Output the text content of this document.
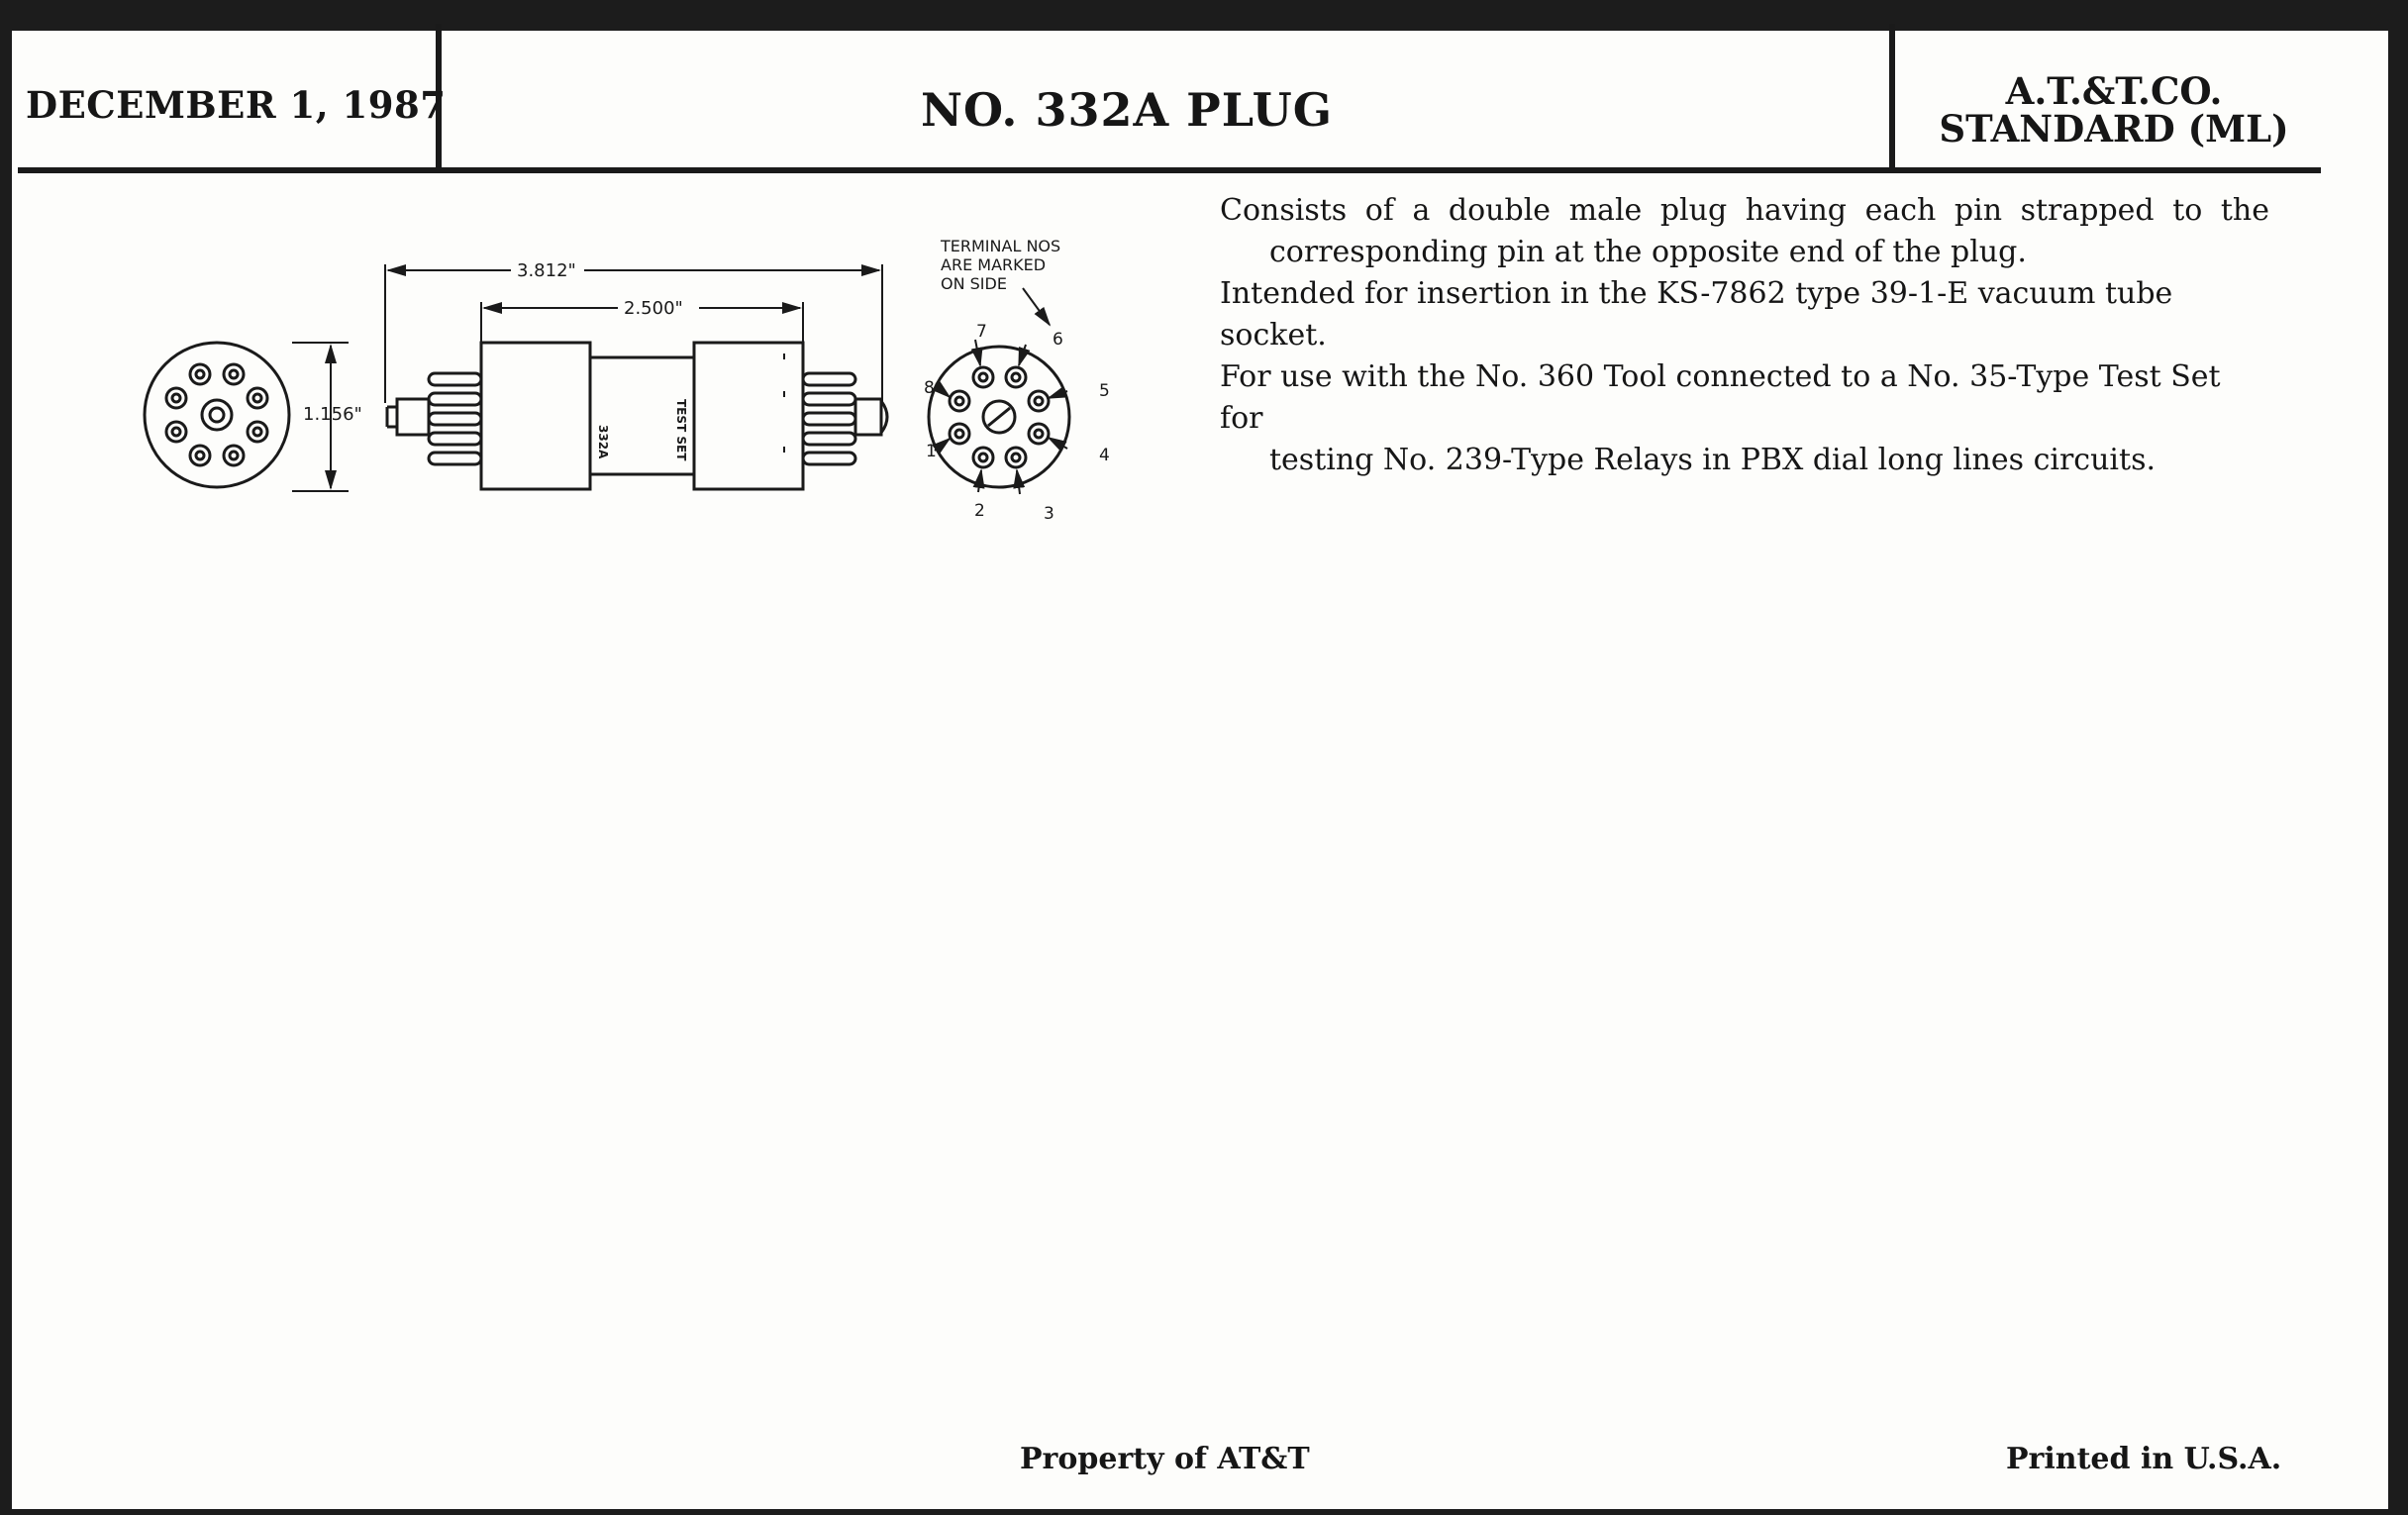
DECEMBER 1, 1987	NO. 332A PLUG	A.T.&T.CO.
STANDARD (ML)

Consists of a double male plug having each pin strapped to the

corresponding pin at the opposite end of the plug.

Intended for insertion in the KS-7862 type 39-1-E vacuum tube socket.

For use with the No. 360 Tool connected to a No. 35-Type Test Set for

testing No. 239-Type Relays in PBX dial long lines circuits.

1.156"
332A	TEST SET
3.812"
2.500"
TERMINAL NOS
ARE MARKED
ON SIDE
1
2	3
4
5
6
7
8
Property of AT&T	Printed in U.S.A.
